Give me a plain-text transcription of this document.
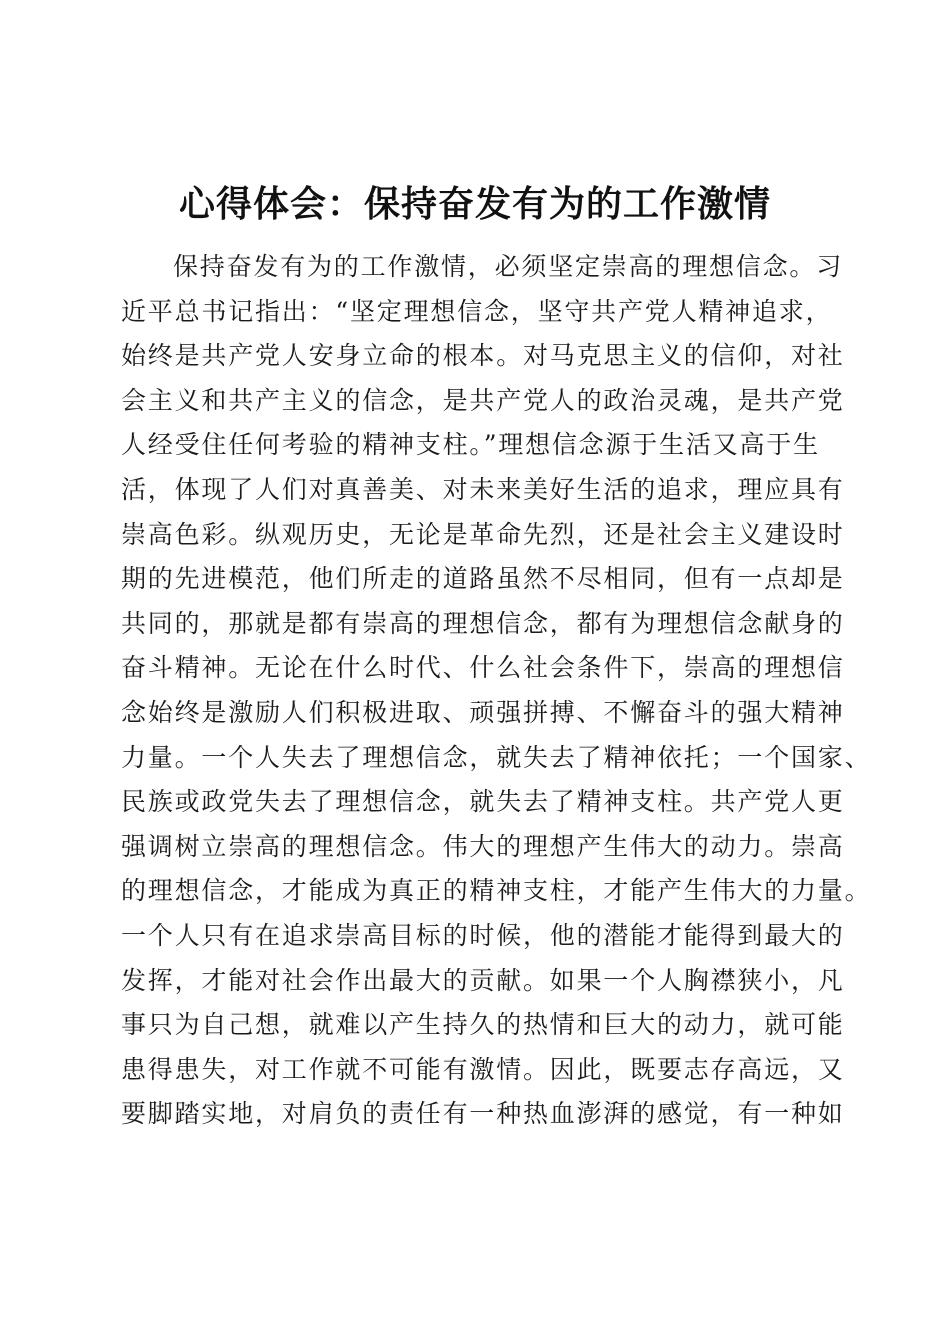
心得体会：保持奋发有为的工作激情
保持奋发有为的工作激情，必须坚定崇高的理想信念。习
近平总书记指出：“坚定理想信念，坚守共产党人精神追求，
始终是共产党人安身立命的根本。对马克思主义的信仰，对社
会主义和共产主义的信念，是共产党人的政治灵魂，是共产党
人经受住任何考验的精神支柱。”理想信念源于生活又高于生
活，体现了人们对真善美、对未来美好生活的追求，理应具有
崇高色彩。纵观历史，无论是革命先烈，还是社会主义建设时
期的先进模范，他们所走的道路虽然不尽相同，但有一点却是
共同的，那就是都有崇高的理想信念，都有为理想信念献身的
奋斗精神。无论在什么时代、什么社会条件下，崇高的理想信
念始终是激励人们积极进取、顽强拼搏、不懈奋斗的强大精神
力量。一个人失去了理想信念，就失去了精神依托；一个国家、
民族或政党失去了理想信念，就失去了精神支柱。共产党人更
强调树立崇高的理想信念。伟大的理想产生伟大的动力。崇高
的理想信念，才能成为真正的精神支柱，才能产生伟大的力量。
一个人只有在追求崇高目标的时候，他的潜能才能得到最大的
发挥，才能对社会作出最大的贡献。如果一个人胸襟狭小，凡
事只为自己想，就难以产生持久的热情和巨大的动力，就可能
患得患失，对工作就不可能有激情。因此，既要志存高远，又
要脚踏实地，对肩负的责任有一种热血澎湃的感觉，有一种如
